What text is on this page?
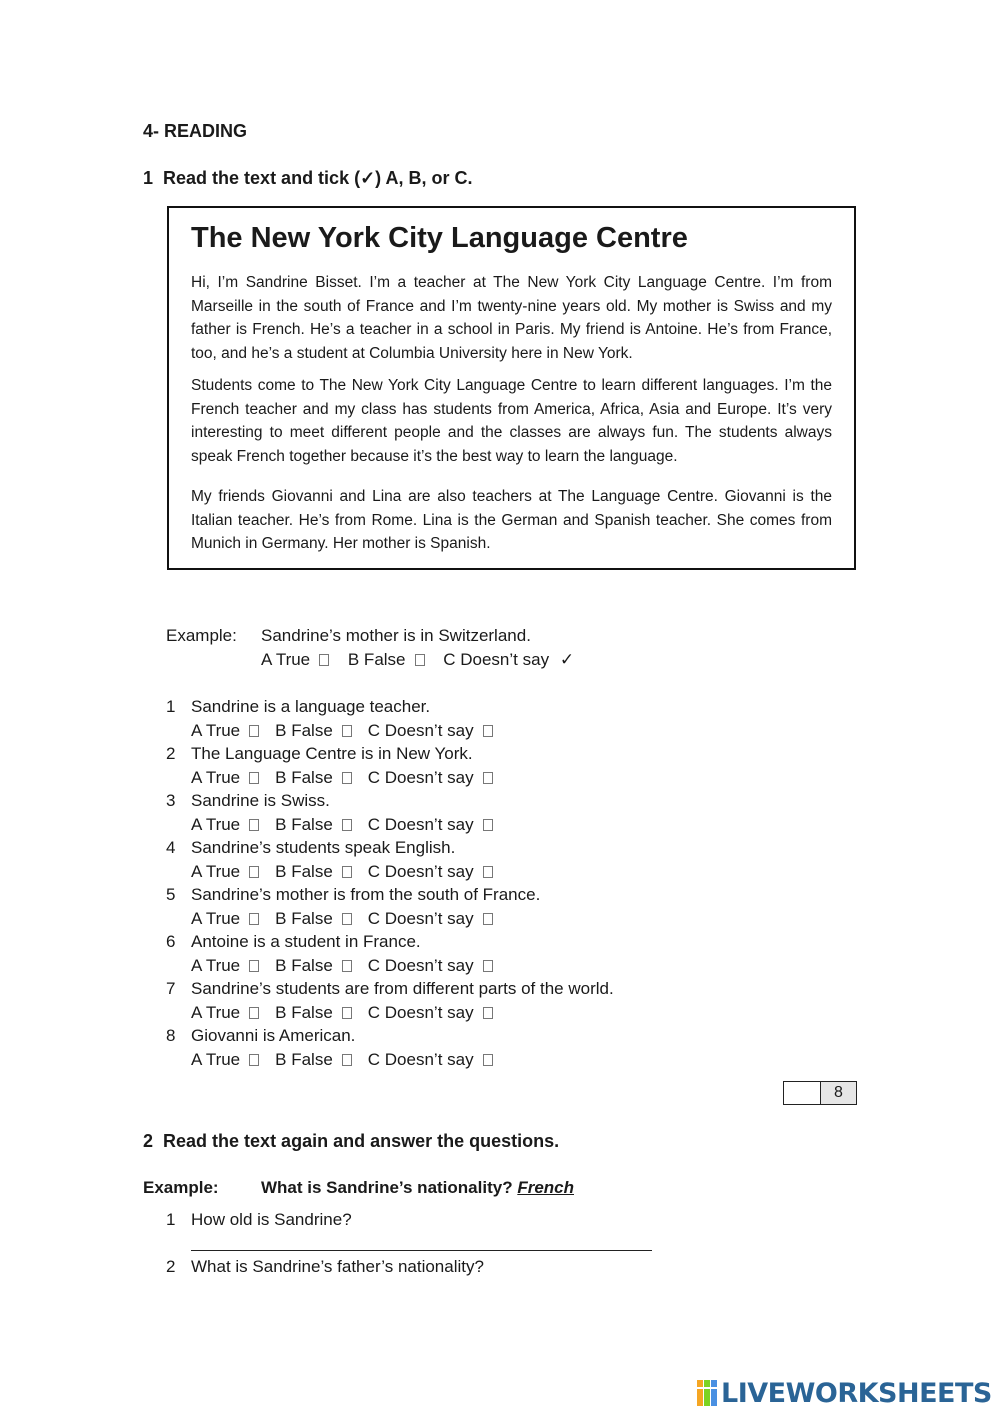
4- READING
1 Read the text and tick (✓) A, B, or C.
The New York City Language Centre
Hi, I’m Sandrine Bisset. I’m a teacher at The New York City Language Centre. I’m from Marseille in the south of France and I’m twenty-nine years old. My mother is Swiss and my father is French. He’s a teacher in a school in Paris. My friend is Antoine. He’s from France, too, and he’s a student at Columbia University here in New York.
Students come to The New York City Language Centre to learn different languages. I’m the French teacher and my class has students from America, Africa, Asia and Europe. It’s very interesting to meet different people and the classes are always fun. The students always speak French together because it’s the best way to learn the language.
My friends Giovanni and Lina are also teachers at The Language Centre. Giovanni is the Italian teacher. He’s from Rome. Lina is the German and Spanish teacher. She comes from Munich in Germany. Her mother is Spanish.
Example: Sandrine’s mother is in Switzerland.
A True B False C Doesn’t say ✓
1 Sandrine is a language teacher.
A True B False C Doesn’t say
2 The Language Centre is in New York.
A True B False C Doesn’t say
3 Sandrine is Swiss.
A True B False C Doesn’t say
4 Sandrine’s students speak English.
A True B False C Doesn’t say
5 Sandrine’s mother is from the south of France.
A True B False C Doesn’t say
6 Antoine is a student in France.
A True B False C Doesn’t say
7 Sandrine’s students are from different parts of the world.
A True B False C Doesn’t say
8 Giovanni is American.
A True B False C Doesn’t say
8
2 Read the text again and answer the questions.
Example: What is Sandrine’s nationality? French
1 How old is Sandrine?
2 What is Sandrine’s father’s nationality?
LIVEWORKSHEETS
